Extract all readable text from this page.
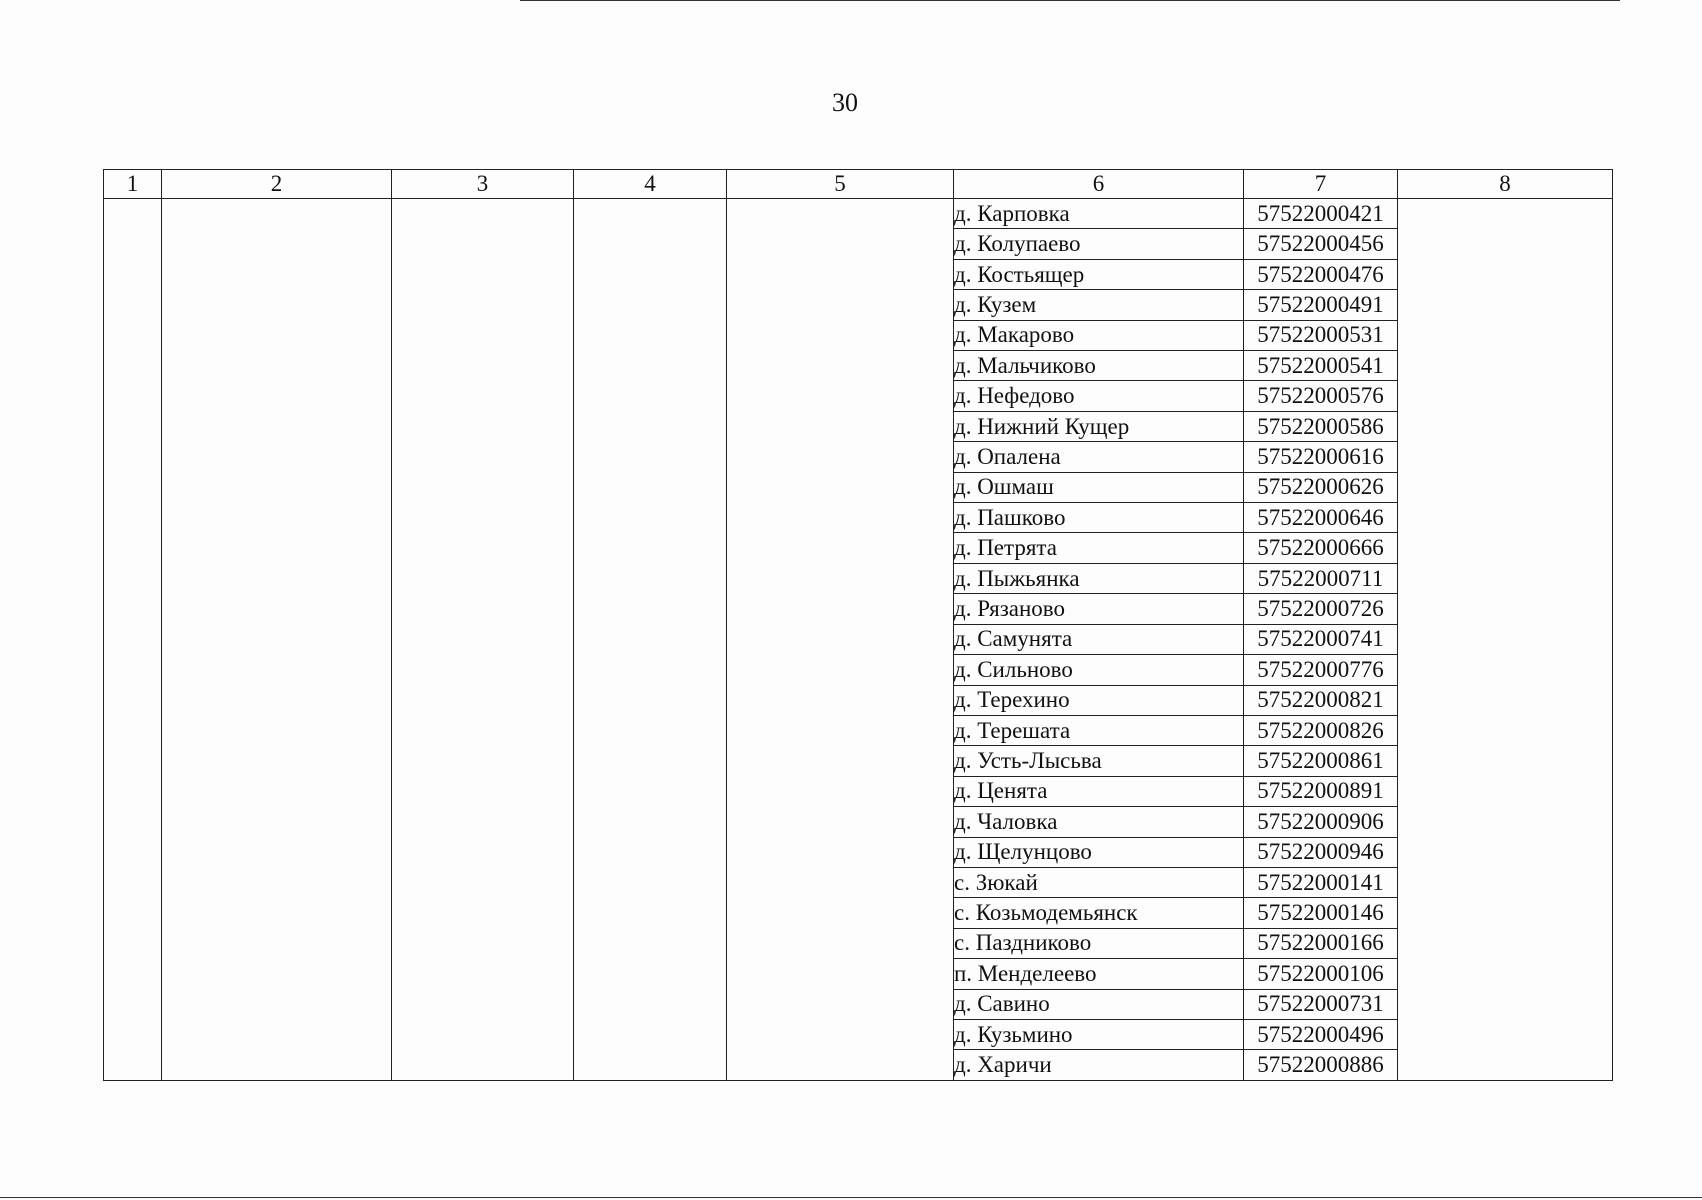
30
1	2	3	4	5	6	7	8
					д. Карповка	57522000421	
					д. Колупаево	57522000456	
					д. Костьящер	57522000476	
					д. Кузем	57522000491	
					д. Макарово	57522000531	
					д. Мальчиково	57522000541	
					д. Нефедово	57522000576	
					д. Нижний Кущер	57522000586	
					д. Опалена	57522000616	
					д. Ошмаш	57522000626	
					д. Пашково	57522000646	
					д. Петрята	57522000666	
					д. Пыжьянка	57522000711	
					д. Рязаново	57522000726	
					д. Самунята	57522000741	
					д. Сильново	57522000776	
					д. Терехино	57522000821	
					д. Терешата	57522000826	
					д. Усть-Лысьва	57522000861	
					д. Ценята	57522000891	
					д. Чаловка	57522000906	
					д. Щелунцово	57522000946	
					с. Зюкай	57522000141	
					с. Козьмодемьянск	57522000146	
					с. Паздниково	57522000166	
					п. Менделеево	57522000106	
					д. Савино	57522000731	
					д. Кузьмино	57522000496	
					д. Харичи	57522000886	
